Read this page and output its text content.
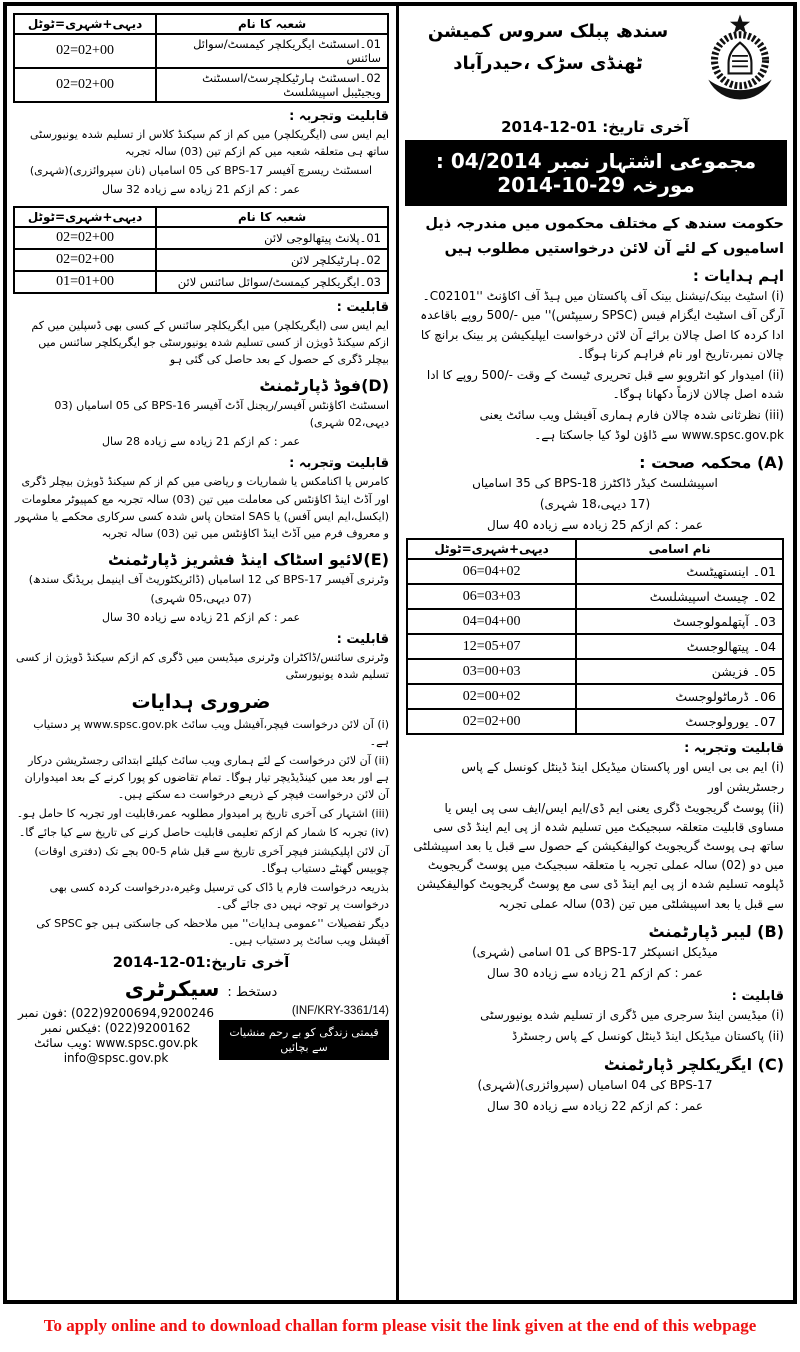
شعبہ کا نام	دیہی+شہری=ٹوٹل
01۔اسسٹنٹ ایگریکلچر کیمسٹ/سوائل سائنس	02=02+00
02۔اسسٹنٹ ہارٹیکلچرسٹ/اسسٹنٹ ویجیٹیبل اسپیشلسٹ	02=02+00

قابلیت وتجربہ :

ایم ایس سی (ایگریکلچر) میں کم از کم سیکنڈ کلاس از تسلیم شدہ یونیورسٹی ساتھ ہی متعلقہ شعبہ میں کم ازکم تین (03) سالہ تجربہ

اسسٹنٹ ریسرچ آفیسر BPS-17 کی 05 اسامیاں (نان سپروائزری)(شہری)

عمر : کم ازکم 21 زیادہ سے زیادہ 32 سال

شعبہ کا نام	دیہی+شہری=ٹوٹل
01۔پلانٹ پیتھالوجی لائن	02=02+00
02۔ہارٹیکلچر لائن	02=02+00
03۔ایگریکلچر کیمسٹ/سوائل سائنس لائن	01=01+00

قابلیت :

ایم ایس سی (ایگریکلچر) میں ایگریکلچر سائنس کے کسی بھی ڈسپلین میں کم ازکم سیکنڈ ڈویژن از کسی تسلیم شدہ یونیورسٹی جو ایگریکلچر سائنس میں بیچلر ڈگری کے حصول کے بعد حاصل کی گئی ہو

(D)فوڈ ڈپارٹمنٹ

اسسٹنٹ اکاؤنٹس آفیسر/ریجنل آڈٹ آفیسر BPS-16 کی 05 اسامیاں (03 دیہی،02 شہری)

عمر : کم ازکم 21 زیادہ سے زیادہ 28 سال

قابلیت وتجربہ :

کامرس یا اکنامکس یا شماریات و ریاضی میں کم از کم سیکنڈ ڈویژن بیچلر ڈگری اور آڈٹ اینڈ اکاؤنٹس کی معاملت میں تین (03) سالہ تجربہ مع کمپیوٹر معلومات (ایکسل،ایم ایس آفس) یا SAS امتحان پاس شدہ کسی سرکاری محکمے یا مشہور و معروف فرم میں آڈٹ اینڈ اکاؤنٹس میں تین (03) سالہ تجربہ

(E)لائیو اسٹاک اینڈ فشریز ڈپارٹمنٹ

وٹرنری آفیسر BPS-17 کی 12 اسامیاں (ڈائریکٹوریٹ آف اینیمل بریڈنگ سندھ)

(07 دیہی،05 شہری)

عمر : کم ازکم 21 زیادہ سے زیادہ 30 سال

قابلیت :

وٹرنری سائنس/ڈاکٹران وٹرنری میڈیسن میں ڈگری کم ازکم سیکنڈ ڈویژن از کسی تسلیم شدہ یونیورسٹی

ضروری ہدایات

(i) آن لائن درخواست فیچر،آفیشل ویب سائٹ www.spsc.gov.pk پر دستیاب ہے۔

(ii) آن لائن درخواست کے لئے ہماری ویب سائٹ کیلئے ابتدائی رجسٹریشن درکار ہے اور بعد میں کینڈیڈیچر تیار ہوگا۔ تمام تقاضوں کو پورا کرنے کے بعد امیدواران آن لائن درخواست فیچر کے ذریعے درخواست دے سکتے ہیں۔

(iii) اشتہار کی آخری تاریخ پر امیدوار مطلوبہ عمر،قابلیت اور تجربہ کا حامل ہو۔

(iv) تجربہ کا شمار کم ازکم تعلیمی قابلیت حاصل کرنے کی تاریخ سے کیا جائے گا۔

آن لائن اپلیکیشنز فیچر آخری تاریخ سے قبل شام 5-00 بجے تک (دفتری اوقات) چوبیس گھنٹے دستیاب ہوگا۔

بذریعہ درخواست فارم یا ڈاک کی ترسیل وغیرہ،درخواست کردہ کسی بھی درخواست پر توجہ نہیں دی جائے گی۔

دیگر تفصیلات ''عمومی ہدایات'' میں ملاحظہ کی جاسکتی ہیں جو SPSC کی آفیشل ویب سائٹ پر دستیاب ہیں۔

آخری تاریخ:01-12-2014

دستخط :
سیکرٹری

فون نمبر: (022)9200694,9200246

فیکس نمبر: (022)9200162

ویب سائٹ: www.spsc.gov.pk

info@spsc.gov.pk

(INF/KRY-3361/14)
قیمتی زندگی کو بے رحم منشیات سے بچائیں
سندھ پبلک سروس کمیشن
ٹھنڈی سڑک ،حیدرآباد

آخری تاریخ: 01-12-2014

مجموعی اشتہار نمبر 04/2014 : مورخہ 29-10-2014

حکومت سندھ کے مختلف محکموں میں مندرجہ ذیل اسامیوں کے لئے آن لائن درخواستیں مطلوب ہیں

اہم ہدایات :

(i) اسٹیٹ بینک/نیشنل بینک آف پاکستان میں ہیڈ آف اکاؤنٹ ''C02101۔آرگن آف اسٹیٹ ایگزام فیس (SPSC رسیپٹس)'' میں -/500 روپے باقاعدہ ادا کردہ کا اصل چالان برائے آن لائن درخواست ایپلیکیشن پر بینک برانچ کا چالان نمبر،تاریخ اور نام فراہم کرنا ہوگا۔

(ii) امیدوار کو انٹرویو سے قبل تحریری ٹیسٹ کے وقت -/500 روپے کا ادا شدہ اصل چالان لازماً دکھانا ہوگا۔

(iii) نظرثانی شدہ چالان فارم ہماری آفیشل ویب سائٹ یعنی www.spsc.gov.pk سے ڈاؤن لوڈ کیا جاسکتا ہے۔

(A) محکمہ صحت :

اسپیشلسٹ کیڈر ڈاکٹرز BPS-18 کی 35 اسامیاں

(17 دیہی،18 شہری)

عمر : کم ازکم 25 زیادہ سے زیادہ 40 سال

نام اسامی	دیہی+شہری=ٹوٹل
01۔ اینستھیٹسٹ	06=04+02
02۔ چیسٹ اسپیشلسٹ	06=03+03
03۔ آپتھلمولوجسٹ	04=04+00
04۔ پیتھالوجسٹ	12=05+07
05۔ فزیشن	03=00+03
06۔ ڈرماٹولوجسٹ	02=00+02
07۔ یورولوجسٹ	02=02+00

قابلیت وتجربہ :

(i) ایم بی بی ایس اور پاکستان میڈیکل اینڈ ڈینٹل کونسل کے پاس رجسٹریشن اور

(ii) پوسٹ گریجویٹ ڈگری یعنی ایم ڈی/ایم ایس/ایف سی پی ایس یا مساوی قابلیت متعلقہ سبجیکٹ میں تسلیم شدہ از پی ایم اینڈ ڈی سی ساتھ ہی پوسٹ گریجویٹ کوالیفکیشن کے حصول سے قبل یا بعد اسپیشلٹی میں دو (02) سالہ عملی تجربہ یا متعلقہ سبجیکٹ میں پوسٹ گریجویٹ ڈپلومہ تسلیم شدہ از پی ایم اینڈ ڈی سی مع پوسٹ گریجویٹ کوالیفکیشن سے قبل یا بعد اسپیشلٹی میں تین (03) سالہ عملی تجربہ

(B) لیبر ڈپارٹمنٹ

میڈیکل انسپکٹر BPS-17 کی 01 اسامی (شہری)

عمر : کم ازکم 21 زیادہ سے زیادہ 30 سال

قابلیت :

(i) میڈیسن اینڈ سرجری میں ڈگری از تسلیم شدہ یونیورسٹی

(ii) پاکستان میڈیکل اینڈ ڈینٹل کونسل کے پاس رجسٹرڈ

(C) ایگریکلچر ڈپارٹمنٹ

BPS-17 کی 04 اسامیاں (سپروائزری)(شہری)

عمر : کم ازکم 22 زیادہ سے زیادہ 30 سال

To apply online and to download challan form please visit the link given at the end of this webpage
